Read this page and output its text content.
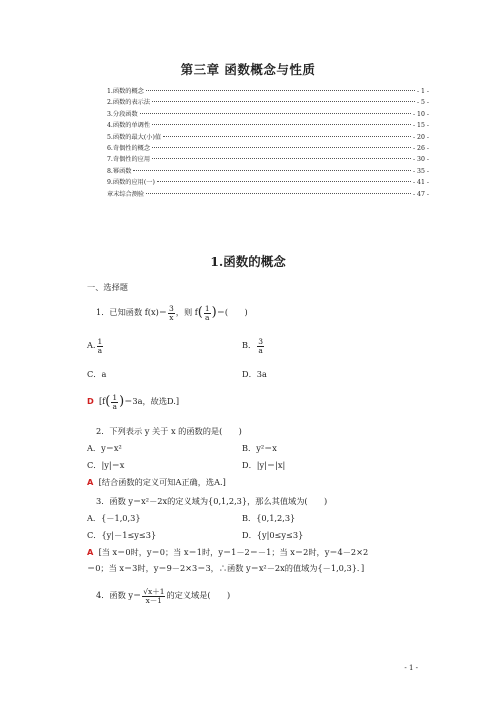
第三章 函数概念与性质
1.函数的概念	- 1 -
2.函数的表示法	- 5 -
3.分段函数	- 10 -
4.函数的单调性	- 15 -
5.函数的最大(小)值	- 20 -
6.奇偶性的概念	- 26 -
7.奇偶性的应用	- 30 -
8.幂函数	- 35 -
9.函数的应用(一)	- 41 -
章末综合测验	- 47 -
1.函数的概念
一、选择题
1．已知函数 $f(x)= \frac{3}{x}$ ，则 $f( \frac{1}{a}$ )＝(　　)
A. $\frac{1}{a}$	B． $\frac{3}{a}$
C．a	D．3a
D [$f( \frac{1}{a} )=3a$，故选D.]
2．下列表示 y 关于 x 的函数的是(　　)
A．y＝x²	B．y²＝x
C．|y|＝x	D．|y|＝|x|
A [结合函数的定义可知A正确，选A.]
3．函数 y＝x²－2x的定义域为{0,1,2,3}，那么其值域为(　　)
A．{－1,0,3}	B．{0,1,2,3}
C．{y|－1≤y≤3}	D．{y|0≤y≤3}
A [当 x＝0时，y＝0；当 x＝1时，y＝1－2＝－1；当 x＝2时，y＝4－2×2
＝0；当 x＝3时，y＝9－2×3＝3，∴函数 y＝x²－2x的值域为{－1,0,3}．]
4．函数 $y= \frac{√x+1}{x-1}$ 的定义域是(　　)
- 1 -
